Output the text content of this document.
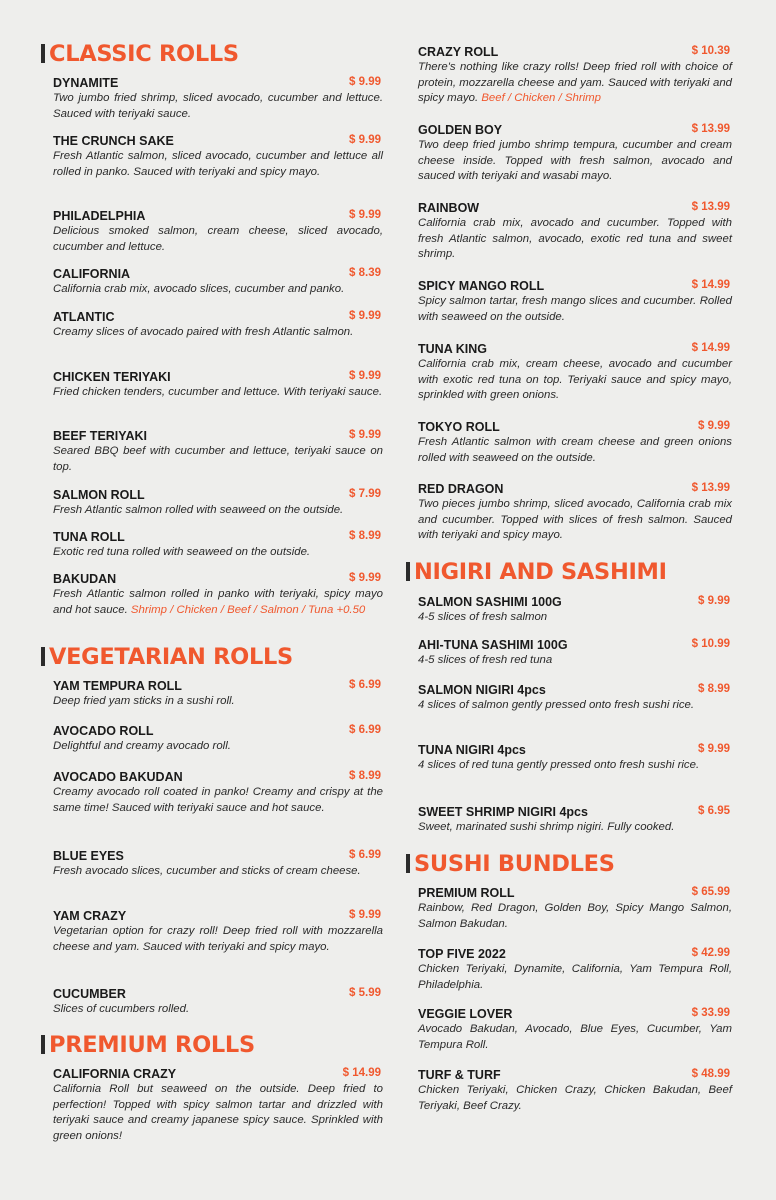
CLASSIC ROLLS
DYNAMITE	$ 9.99
Two jumbo fried shrimp, sliced avocado, cucumber and lettuce. Sauced with teriyaki sauce.
THE CRUNCH SAKE	$ 9.99
Fresh Atlantic salmon, sliced avocado, cucumber and lettuce all rolled in panko. Sauced with teriyaki and spicy mayo.
PHILADELPHIA	$ 9.99
Delicious smoked salmon, cream cheese, sliced avocado, cucumber and lettuce.
CALIFORNIA	$ 8.39
California crab mix, avocado slices, cucumber and panko.
ATLANTIC	$ 9.99
Creamy slices of avocado paired with fresh Atlantic salmon.
CHICKEN TERIYAKI	$ 9.99
Fried chicken tenders, cucumber and lettuce. With teriyaki sauce.
BEEF TERIYAKI	$ 9.99
Seared BBQ beef with cucumber and lettuce, teriyaki sauce on top.
SALMON ROLL	$ 7.99
Fresh Atlantic salmon rolled with seaweed on the outside.
TUNA ROLL	$ 8.99
Exotic red tuna rolled with seaweed on the outside.
BAKUDAN	$ 9.99
Fresh Atlantic salmon rolled in panko with teriyaki, spicy mayo and hot sauce. Shrimp / Chicken / Beef / Salmon / Tuna +0.50
VEGETARIAN ROLLS
YAM TEMPURA ROLL	$ 6.99
Deep fried yam sticks in a sushi roll.
AVOCADO ROLL	$ 6.99
Delightful and creamy avocado roll.
AVOCADO BAKUDAN	$ 8.99
Creamy avocado roll coated in panko! Creamy and crispy at the same time! Sauced with teriyaki sauce and hot sauce.
BLUE EYES	$ 6.99
Fresh avocado slices, cucumber and sticks of cream cheese.
YAM CRAZY	$ 9.99
Vegetarian option for crazy roll! Deep fried roll with mozzarella cheese and yam. Sauced with teriyaki and spicy mayo.
CUCUMBER	$ 5.99
Slices of cucumbers rolled.
PREMIUM ROLLS
CALIFORNIA CRAZY	$ 14.99
California Roll but seaweed on the outside. Deep fried to perfection! Topped with spicy salmon tartar and drizzled with teriyaki sauce and creamy japanese spicy sauce. Sprinkled with green onions!
CRAZY ROLL	$ 10.39
There's nothing like crazy rolls! Deep fried roll with choice of protein, mozzarella cheese and yam. Sauced with teriyaki and spicy mayo. Beef / Chicken / Shrimp
GOLDEN BOY	$ 13.99
Two deep fried jumbo shrimp tempura, cucumber and cream cheese inside. Topped with fresh salmon, avocado and sauced with teriyaki and wasabi mayo.
RAINBOW	$ 13.99
California crab mix, avocado and cucumber. Topped with fresh Atlantic salmon, avocado, exotic red tuna and sweet shrimp.
SPICY MANGO ROLL	$ 14.99
Spicy salmon tartar, fresh mango slices and cucumber. Rolled with seaweed on the outside.
TUNA KING	$ 14.99
California crab mix, cream cheese, avocado and cucumber with exotic red tuna on top. Teriyaki sauce and spicy mayo, sprinkled with green onions.
TOKYO ROLL	$ 9.99
Fresh Atlantic salmon with cream cheese and green onions rolled with seaweed on the outside.
RED DRAGON	$ 13.99
Two pieces jumbo shrimp, sliced avocado, California crab mix and cucumber. Topped with slices of fresh salmon. Sauced with teriyaki and spicy mayo.
NIGIRI AND SASHIMI
SALMON SASHIMI 100G	$ 9.99
4-5 slices of fresh salmon
AHI-TUNA SASHIMI 100G	$ 10.99
4-5 slices of fresh red tuna
SALMON NIGIRI 4pcs	$ 8.99
4 slices of salmon gently pressed onto fresh sushi rice.
TUNA NIGIRI 4pcs	$ 9.99
4 slices of red tuna gently pressed onto fresh sushi rice.
SWEET SHRIMP NIGIRI 4pcs	$ 6.95
Sweet, marinated sushi shrimp nigiri. Fully cooked.
SUSHI BUNDLES
PREMIUM ROLL	$ 65.99
Rainbow, Red Dragon, Golden Boy, Spicy Mango Salmon, Salmon Bakudan.
TOP FIVE 2022	$ 42.99
Chicken Teriyaki, Dynamite, California, Yam Tempura Roll, Philadelphia.
VEGGIE LOVER	$ 33.99
Avocado Bakudan, Avocado, Blue Eyes, Cucumber, Yam Tempura Roll.
TURF & TURF	$ 48.99
Chicken Teriyaki, Chicken Crazy, Chicken Bakudan, Beef Teriyaki, Beef Crazy.
